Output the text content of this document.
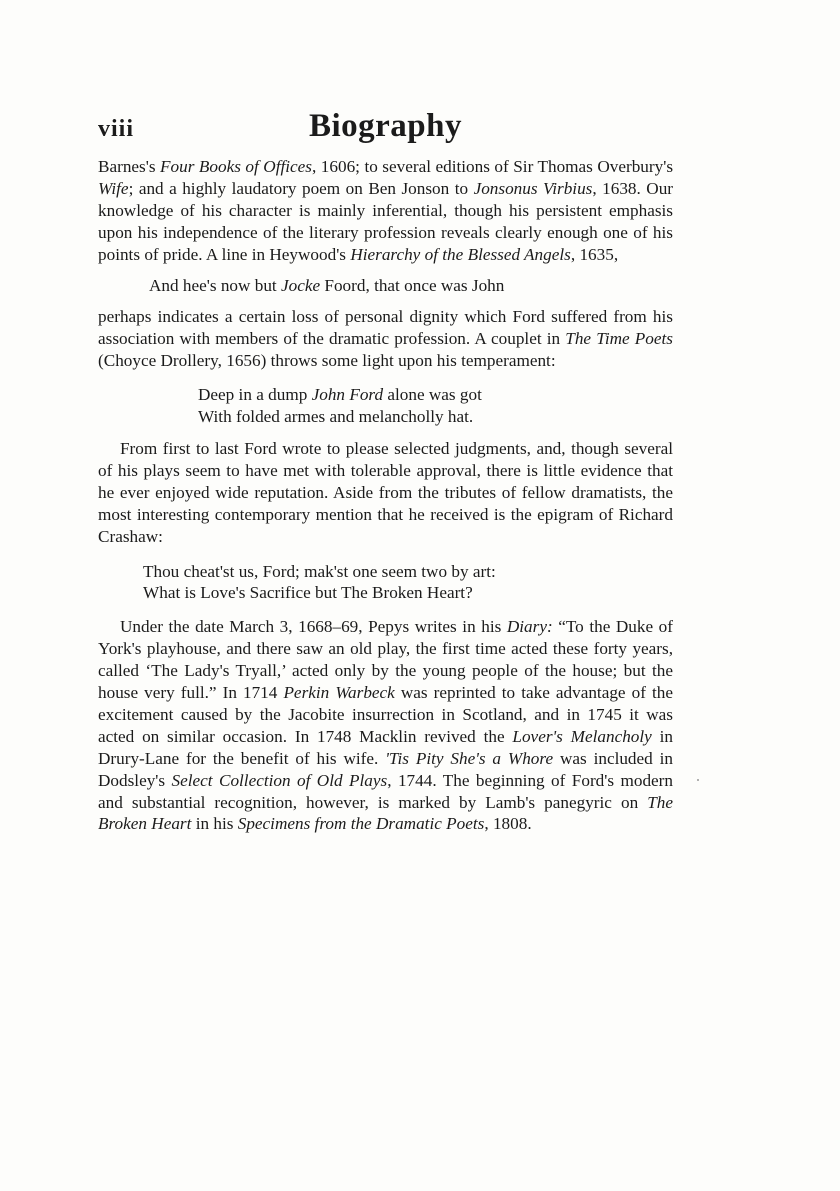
viii	Biography

Barnes's Four Books of Offices, 1606; to several editions of Sir Thomas Overbury's Wife; and a highly laudatory poem on Ben Jonson to Jonsonus Virbius, 1638. Our knowledge of his character is mainly inferential, though his persistent emphasis upon his independence of the literary profession reveals clearly enough one of his points of pride. A line in Heywood's Hierarchy of the Blessed Angels, 1635,

And hee's now but Jocke Foord, that once was John

perhaps indicates a certain loss of personal dignity which Ford suffered from his association with members of the dramatic profession. A couplet in The Time Poets (Choyce Drollery, 1656) throws some light upon his temperament:

Deep in a dump John Ford alone was got
With folded armes and melancholly hat.

From first to last Ford wrote to please selected judgments, and, though several of his plays seem to have met with tolerable approval, there is little evidence that he ever enjoyed wide reputation. Aside from the tributes of fellow dramatists, the most interesting contemporary mention that he received is the epigram of Richard Crashaw:

Thou cheat'st us, Ford; mak'st one seem two by art:
What is Love's Sacrifice but The Broken Heart?

Under the date March 3, 1668–69, Pepys writes in his Diary: “To the Duke of York's playhouse, and there saw an old play, the first time acted these forty years, called ‘The Lady's Tryall,’ acted only by the young people of the house; but the house very full.” In 1714 Perkin Warbeck was reprinted to take advantage of the excitement caused by the Jacobite insurrection in Scotland, and in 1745 it was acted on similar occasion. In 1748 Macklin revived the Lover's Melancholy in Drury-Lane for the benefit of his wife. 'Tis Pity She's a Whore was included in Dodsley's Select Collection of Old Plays, 1744. The beginning of Ford's modern and substantial recognition, however, is marked by Lamb's panegyric on The Broken Heart in his Specimens from the Dramatic Poets, 1808.
